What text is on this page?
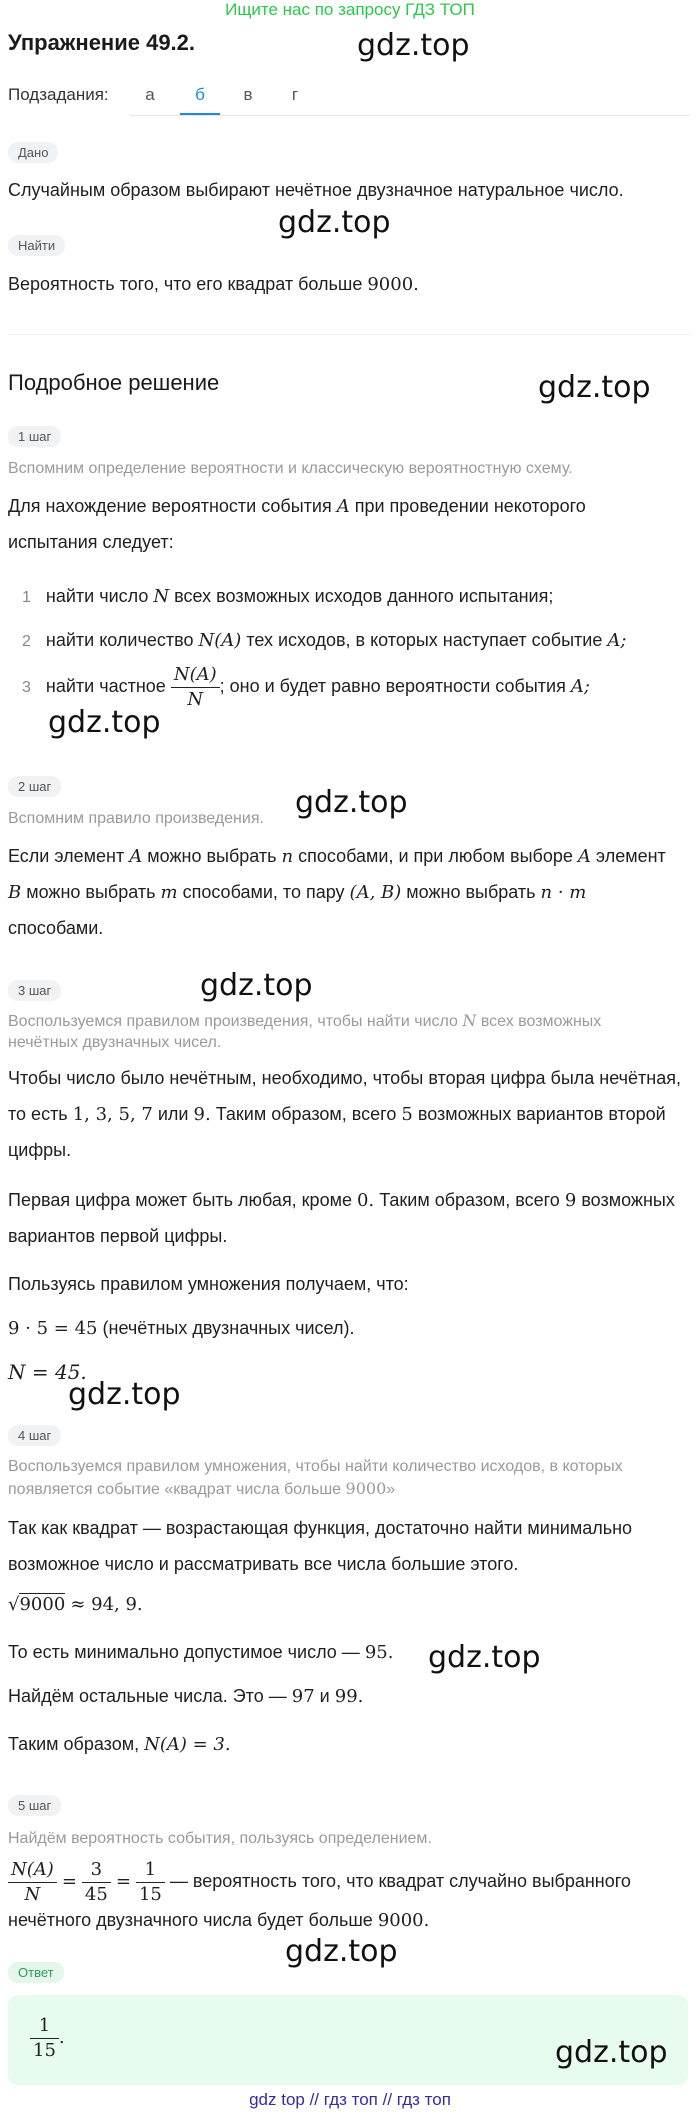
Ищите нас по запросу ГДЗ ТОП
Упражнение 49.2.	gdz.top
Подзадания:	а	б	в	г
Дано
Случайным образом выбирают нечётное двузначное натуральное число.
gdz.top
Найти
Вероятность того, что его квадрат больше 9000.
Подробное решение	gdz.top
1 шаг
Вспомним определение вероятности и классическую вероятностную схему.
Для нахождение вероятности события A при проведении некоторого
испытания следует:
1 найти число N всех возможных исходов данного испытания;
2 найти количество N(A) тех исходов, в которых наступает событие A;
3 найти частное $\frac{N(A)}{N}$ ; оно и будет равно вероятности события A;
gdz.top
2 шаг	gdz.top
Вспомним правило произведения.
Если элемент A можно выбрать n способами, и при любом выборе A элемент
B можно выбрать m способами, то пару (A, B) можно выбрать n · m
способами.
3 шаг	gdz.top
Воспользуемся правилом произведения, чтобы найти число N всех возможных
нечётных двузначных чисел.
Чтобы число было нечётным, необходимо, чтобы вторая цифра была нечётная,
то есть 1, 3, 5, 7 или 9. Таким образом, всего 5 возможных вариантов второй
цифры.
Первая цифра может быть любая, кроме 0. Таким образом, всего 9 возможных
вариантов первой цифры.
Пользуясь правилом умножения получаем, что:
9 · 5 = 45 (нечётных двузначных чисел).
N = 45.
gdz.top
4 шаг
Воспользуемся правилом умножения, чтобы найти количество исходов, в которых
появляется событие «квадрат числа больше 9000»
Так как квадрат — возрастающая функция, достаточно найти минимально
возможное число и рассматривать все числа большие этого.
√9000 ≈ 94, 9.
То есть минимально допустимое число — 95. gdz.top
Найдём остальные числа. Это — 97 и 99.
Таким образом, N(A) = 3.
5 шаг
Найдём вероятность события, пользуясь определением.
$\frac{N(A)}{N} = \frac{3}{45} = \frac{1}{15}$ — вероятность того, что квадрат случайно выбранного
нечётного двузначного числа будет больше 9000.
gdz.top
Ответ
$\frac{1}{15}$ .	gdz.top
gdz top // гдз топ // гдз топ
